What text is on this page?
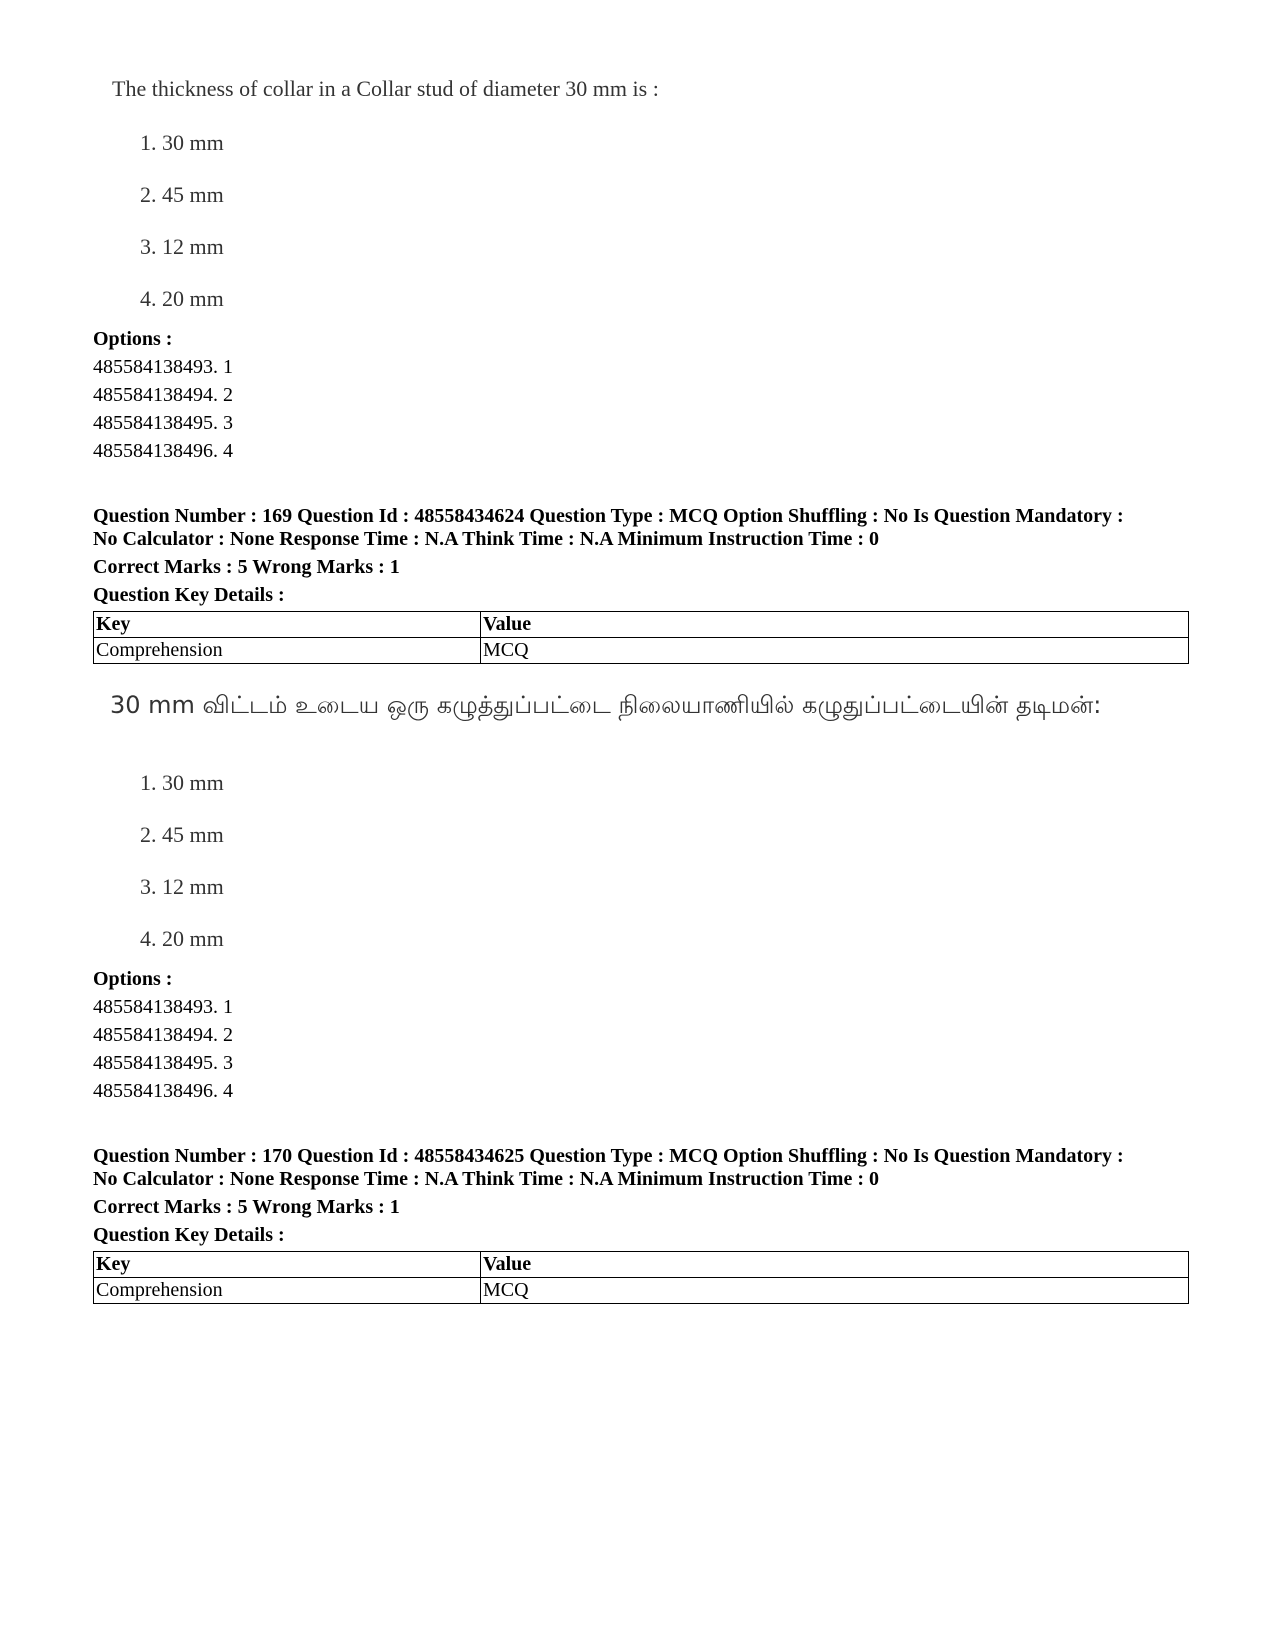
The thickness of collar in a Collar stud of diameter 30 mm is :
1. 30 mm
2. 45 mm
3. 12 mm
4. 20 mm
Options :
485584138493. 1
485584138494. 2
485584138495. 3
485584138496. 4
Question Number : 169 Question Id : 48558434624 Question Type : MCQ Option Shuffling : No Is Question Mandatory :
No Calculator : None Response Time : N.A Think Time : N.A Minimum Instruction Time : 0
Correct Marks : 5 Wrong Marks : 1
Question Key Details :
Key	Value
Comprehension	MCQ
30 mm விட்டம் உடைய ஒரு கழுத்துப்பட்டை நிலையாணியில் கழுதுப்பட்டையின் தடிமன்:
1. 30 mm
2. 45 mm
3. 12 mm
4. 20 mm
Options :
485584138493. 1
485584138494. 2
485584138495. 3
485584138496. 4
Question Number : 170 Question Id : 48558434625 Question Type : MCQ Option Shuffling : No Is Question Mandatory :
No Calculator : None Response Time : N.A Think Time : N.A Minimum Instruction Time : 0
Correct Marks : 5 Wrong Marks : 1
Question Key Details :
Key	Value
Comprehension	MCQ
